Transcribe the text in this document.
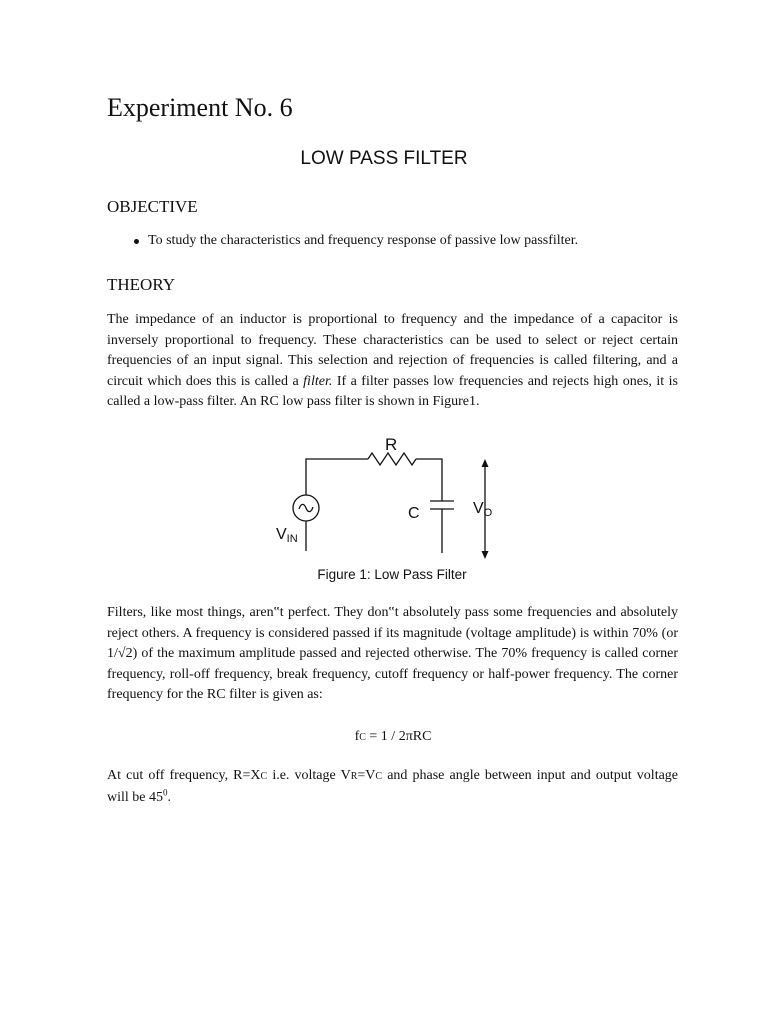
Experiment No. 6
LOW PASS FILTER
OBJECTIVE
To study the characteristics and frequency response of passive low passfilter.
THEORY

The impedance of an inductor is proportional to frequency and the impedance of a capacitor is inversely proportional to frequency. These characteristics can be used to select or reject certain frequencies of an input signal. This selection and rejection of frequencies is called filtering, and a circuit which does this is called a filter. If a filter passes low frequencies and rejects high ones, it is called a low-pass filter. An RC low pass filter is shown in Figure1.

R
C
VIN
VO
Figure 1: Low Pass Filter

Filters, like most things, aren‟t perfect. They don‟t absolutely pass some frequencies and absolutely reject others. A frequency is considered passed if its magnitude (voltage amplitude) is within 70% (or 1/√2) of the maximum amplitude passed and rejected otherwise. The 70% frequency is called corner frequency, roll-off frequency, break frequency, cutoff frequency or half-power frequency. The corner frequency for the RC filter is given as:

fC = 1 / 2πRC

At cut off frequency, R=XC i.e. voltage VR=VC and phase angle between input and output voltage will be $45^0$.
